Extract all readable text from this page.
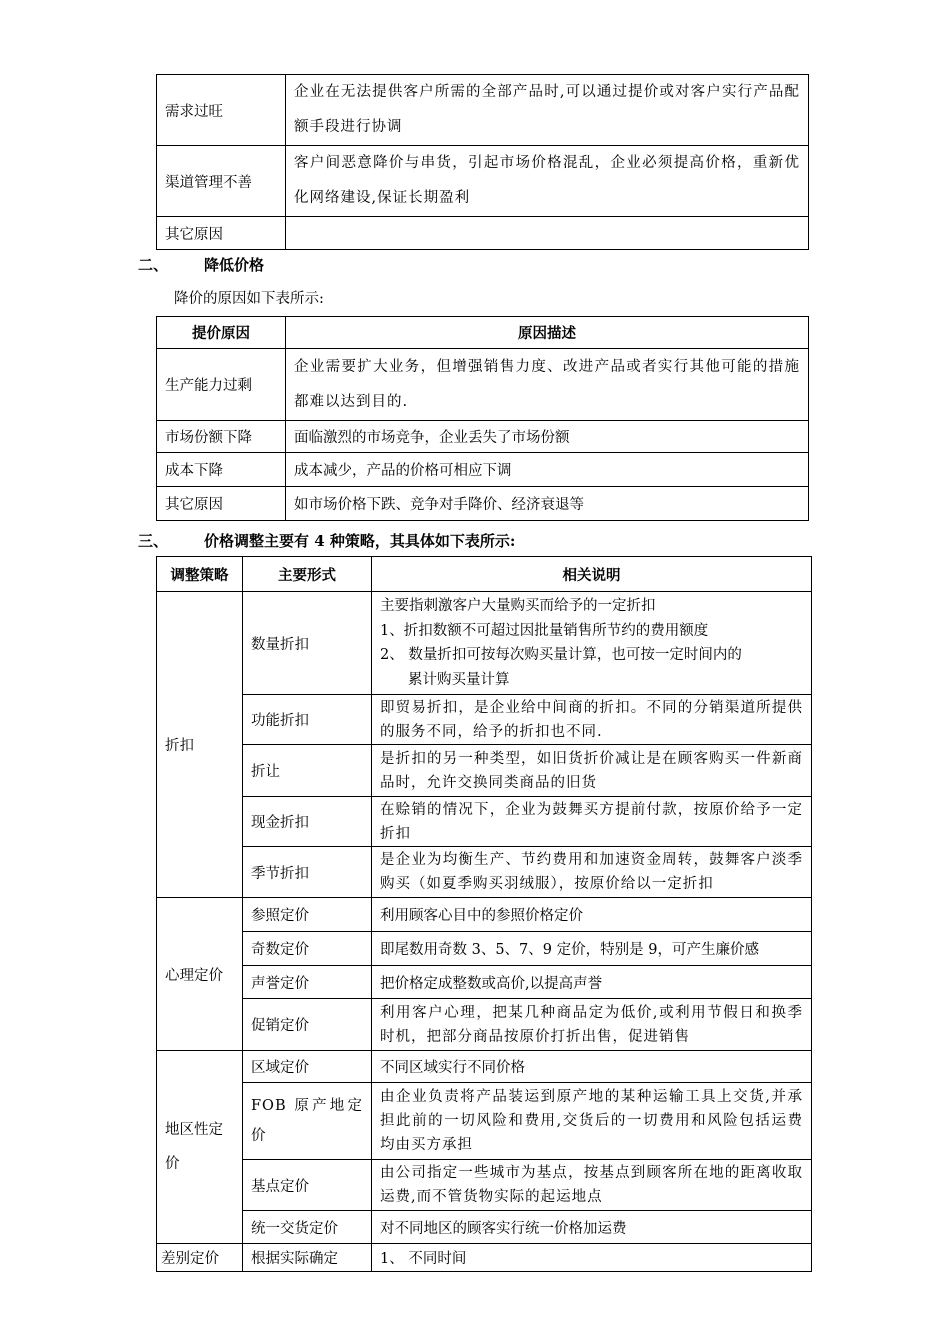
需求过旺	企业在无法提供客户所需的全部产品时,可以通过提价或对客户实行产品配额手段进行协调
渠道管理不善	客户间恶意降价与串货，引起市场价格混乱，企业必须提高价格，重新优化网络建设,保证长期盈利
其它原因	
二、 降低价格
降价的原因如下表所示:
提价原因	原因描述
生产能力过剩	企业需要扩大业务，但增强销售力度、改进产品或者实行其他可能的措施都难以达到目的.
市场份额下降	面临激烈的市场竞争，企业丢失了市场份额
成本下降	成本减少，产品的价格可相应下调
其它原因	如市场价格下跌、竞争对手降价、经济衰退等
三、 价格调整主要有 4 种策略，其具体如下表所示:
调整策略	主要形式	相关说明
折扣	数量折扣	主要指刺激客户大量购买而给予的一定折扣
1、折扣数额不可超过因批量销售所节约的费用额度
2、 数量折扣可按每次购买量计算，也可按一定时间内的
累计购买量计算

	功能折扣	即贸易折扣，是企业给中间商的折扣。不同的分销渠道所提供的服务不同，给予的折扣也不同.
	折让	是折扣的另一种类型，如旧货折价减让是在顾客购买一件新商品时，允许交换同类商品的旧货
	现金折扣	在赊销的情况下，企业为鼓舞买方提前付款，按原价给予一定折扣
	季节折扣	是企业为均衡生产、节约费用和加速资金周转，鼓舞客户淡季购买（如夏季购买羽绒服），按原价给以一定折扣
心理定价	参照定价	利用顾客心目中的参照价格定价
	奇数定价	即尾数用奇数 3、5、7、9 定价，特别是 9，可产生廉价感
	声誉定价	把价格定成整数或高价,以提高声誉
	促销定价	利用客户心理，把某几种商品定为低价,或利用节假日和换季时机，把部分商品按原价打折出售，促进销售
地区性定价	区域定价	不同区域实行不同价格
	FOB 原产地定价	由企业负责将产品装运到原产地的某种运输工具上交货,并承担此前的一切风险和费用,交货后的一切费用和风险包括运费均由买方承担
	基点定价	由公司指定一些城市为基点，按基点到顾客所在地的距离收取运费,而不管货物实际的起运地点
	统一交货定价	对不同地区的顾客实行统一价格加运费
差别定价	根据实际确定	1、 不同时间
